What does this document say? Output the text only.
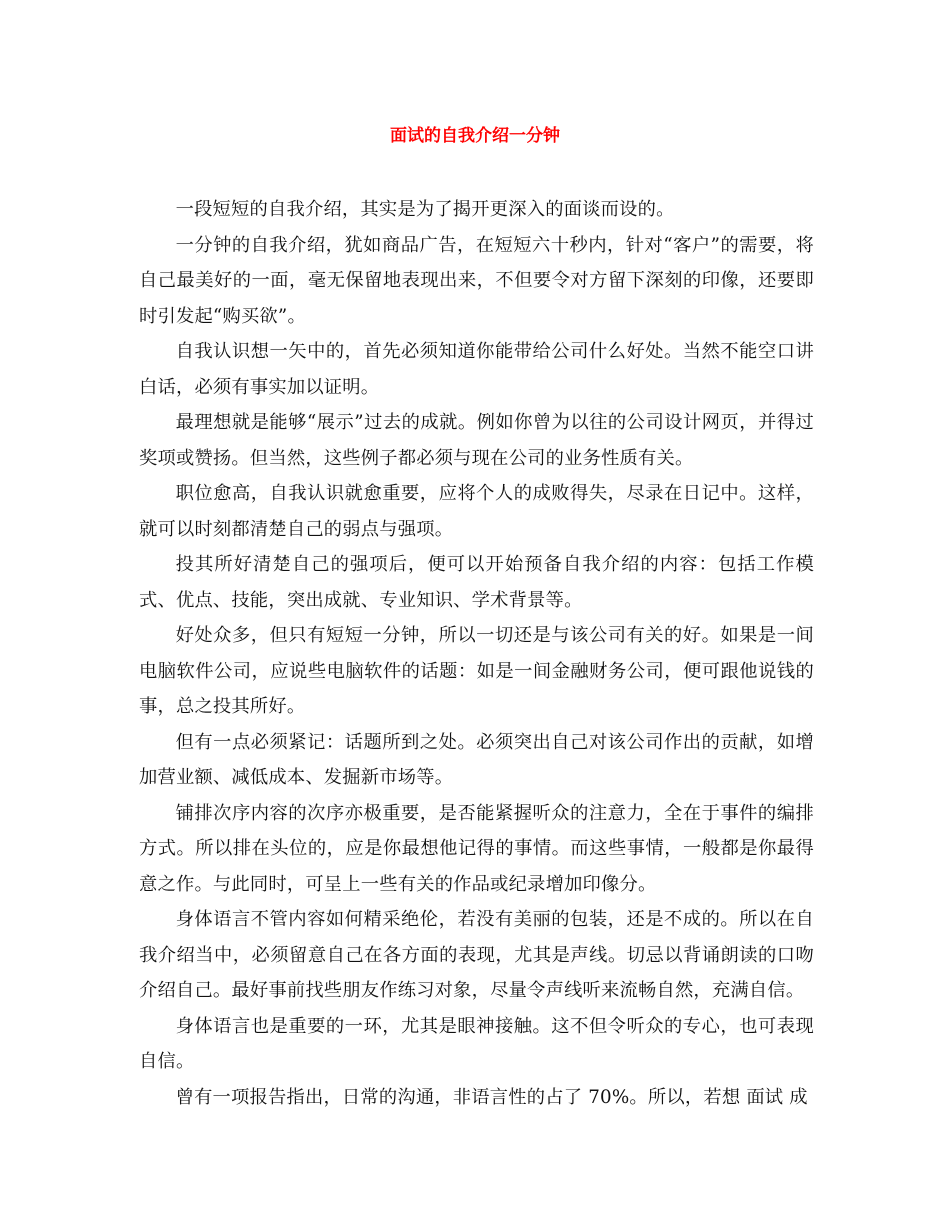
面试的自我介绍一分钟

一段短短的自我介绍，其实是为了揭开更深入的面谈而设的。

一分钟的自我介绍，犹如商品广告，在短短六十秒内，针对“客户”的需要，将自己最美好的一面，毫无保留地表现出来，不但要令对方留下深刻的印像，还要即时引发起“购买欲”。

自我认识想一矢中的，首先必须知道你能带给公司什么好处。当然不能空口讲白话，必须有事实加以证明。

最理想就是能够“展示”过去的成就。例如你曾为以往的公司设计网页，并得过奖项或赞扬。但当然，这些例子都必须与现在公司的业务性质有关。

职位愈高，自我认识就愈重要，应将个人的成败得失，尽录在日记中。这样，就可以时刻都清楚自己的弱点与强项。

投其所好清楚自己的强项后，便可以开始预备自我介绍的内容：包括工作模式、优点、技能，突出成就、专业知识、学术背景等。

好处众多，但只有短短一分钟，所以一切还是与该公司有关的好。如果是一间电脑软件公司，应说些电脑软件的话题：如是一间金融财务公司，便可跟他说钱的事，总之投其所好。

但有一点必须紧记：话题所到之处。必须突出自己对该公司作出的贡献，如增加营业额、减低成本、发掘新市场等。

铺排次序内容的次序亦极重要，是否能紧握听众的注意力，全在于事件的编排方式。所以排在头位的，应是你最想他记得的事情。而这些事情，一般都是你最得意之作。与此同时，可呈上一些有关的作品或纪录增加印像分。

身体语言不管内容如何精采绝伦，若没有美丽的包装，还是不成的。所以在自我介绍当中，必须留意自己在各方面的表现，尤其是声线。切忌以背诵朗读的口吻介绍自己。最好事前找些朋友作练习对象，尽量令声线听来流畅自然，充满自信。

身体语言也是重要的一环，尤其是眼神接触。这不但令听众的专心，也可表现自信。

曾有一项报告指出，日常的沟通，非语言性的占了 70%。所以，若想 面试 成
